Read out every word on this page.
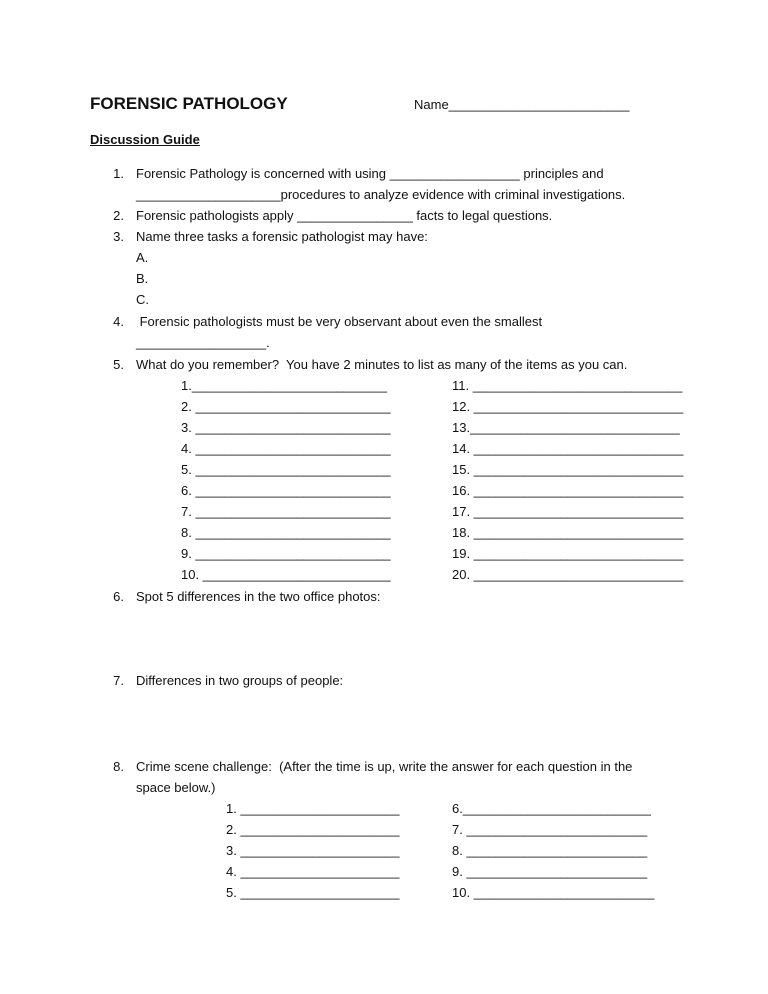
FORENSIC PATHOLOGY	Name_________________________
Discussion Guide
1. Forensic Pathology is concerned with using __________________ principles and
____________________procedures to analyze evidence with criminal investigations.
2. Forensic pathologists apply ________________ facts to legal questions.
3. Name three tasks a forensic pathologist may have:
A.
B.
C.
4. Forensic pathologists must be very observant about even the smallest
__________________.
5. What do you remember?  You have 2 minutes to list as many of the items as you can.
1.___________________________
2. ___________________________
3. ___________________________
4. ___________________________
5. ___________________________
6. ___________________________
7. ___________________________
8. ___________________________
9. ___________________________
10. __________________________
11. _____________________________
12. _____________________________
13._____________________________
14. _____________________________
15. _____________________________
16. _____________________________
17. _____________________________
18. _____________________________
19. _____________________________
20. _____________________________
6. Spot 5 differences in the two office photos:
7. Differences in two groups of people:
8. Crime scene challenge:  (After the time is up, write the answer for each question in the
space below.)
1. ______________________
2. ______________________
3. ______________________
4. ______________________
5. ______________________
6.__________________________
7. _________________________
8. _________________________
9. _________________________
10. _________________________
